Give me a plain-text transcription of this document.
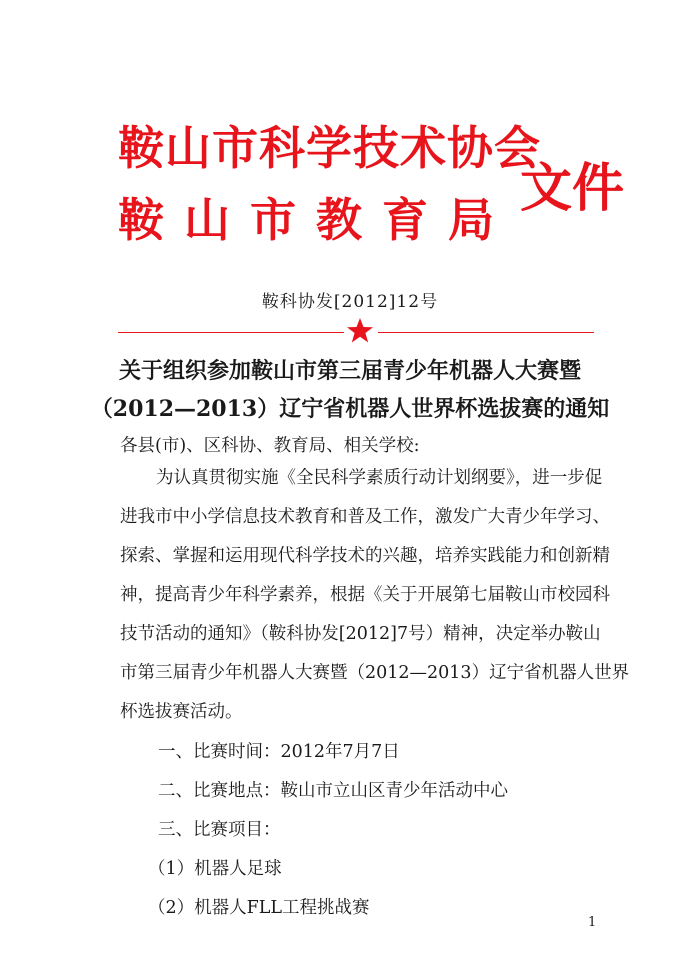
鞍山市科学技术协会
鞍山市教育局
文件
鞍科协发[2012]12号
关于组织参加鞍山市第三届青少年机器人大赛暨
（2012—2013）辽宁省机器人世界杯选拔赛的通知
各县(市)、区科协、教育局、相关学校:
为认真贯彻实施《全民科学素质行动计划纲要》，进一步促
进我市中小学信息技术教育和普及工作，激发广大青少年学习、
探索、掌握和运用现代科学技术的兴趣，培养实践能力和创新精
神，提高青少年科学素养，根据《关于开展第七届鞍山市校园科
技节活动的通知》（鞍科协发[2012]7号）精神，决定举办鞍山
市第三届青少年机器人大赛暨（2012—2013）辽宁省机器人世界
杯选拔赛活动。
一、比赛时间：2012年7月7日
二、比赛地点：鞍山市立山区青少年活动中心
三、比赛项目：
（1）机器人足球
（2）机器人FLL工程挑战赛
1
